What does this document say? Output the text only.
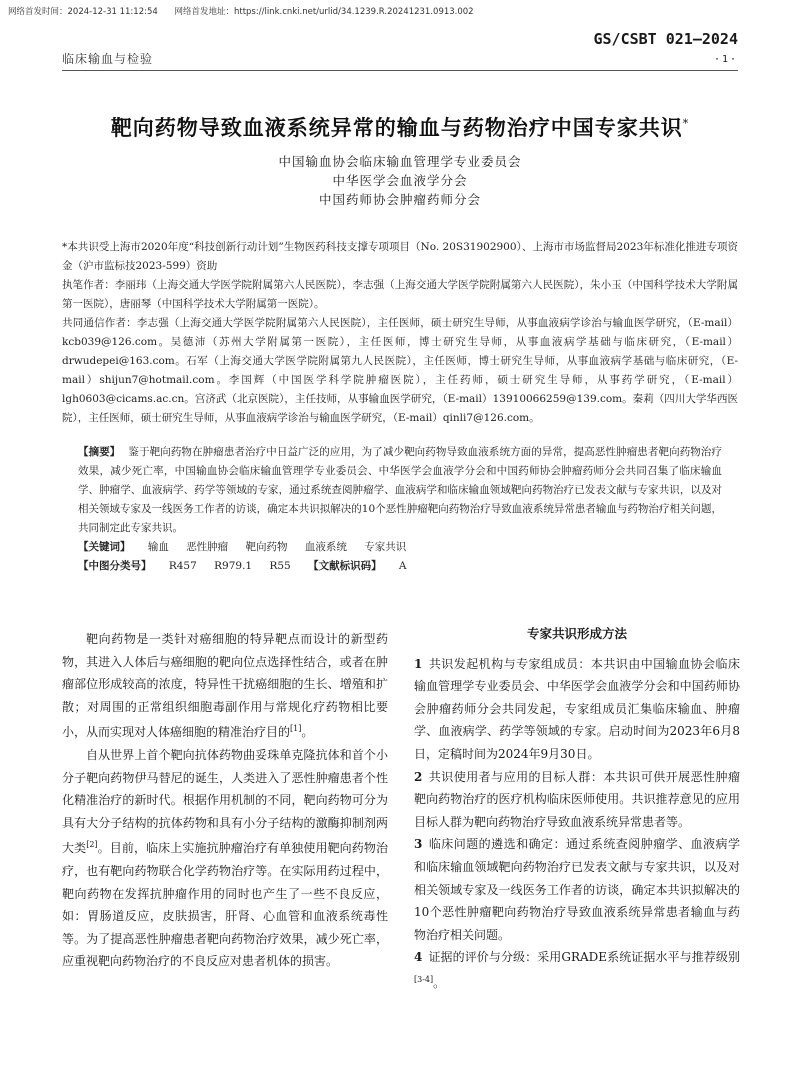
网络首发时间：2024-12-31 11:12:54 网络首发地址：https://link.cnki.net/urlid/34.1239.R.20241231.0913.002
临床输血与检验
GS/CSBT 021—2024
·1·
靶向药物导致血液系统异常的输血与药物治疗中国专家共识*
中国输血协会临床输血管理学专业委员会
中华医学会血液学分会
中国药师协会肿瘤药师分会

*本共识受上海市2020年度“科技创新行动计划”生物医药科技支撑专项项目（No. 20S31902900）、上海市市场监督局2023年标准化推进专项资金（沪市监标技2023-599）资助

执笔作者：李丽玮（上海交通大学医学院附属第六人民医院），李志强（上海交通大学医学院附属第六人民医院），朱小玉（中国科学技术大学附属第一医院），唐丽琴（中国科学技术大学附属第一医院）。

共同通信作者：李志强（上海交通大学医学院附属第六人民医院），主任医师，硕士研究生导师，从事血液病学诊治与输血医学研究，（E-mail）kcb039@126.com。吴德沛（苏州大学附属第一医院），主任医师，博士研究生导师，从事血液病学基础与临床研究，（E-mail）drwudepei@163.com。石军（上海交通大学医学院附属第九人民医院），主任医师，博士研究生导师，从事血液病学基础与临床研究，（E-mail）shijun7@hotmail.com。李国辉（中国医学科学院肿瘤医院），主任药师，硕士研究生导师，从事药学研究，（E-mail）lgh0603@cicams.ac.cn。宫济武（北京医院），主任技师，从事输血医学研究，（E-mail）13910066259@139.com。秦莉（四川大学华西医院），主任医师，硕士研究生导师，从事血液病学诊治与输血医学研究，（E-mail）qinli7@126.com。

【摘要】 鉴于靶向药物在肿瘤患者治疗中日益广泛的应用，为了减少靶向药物导致血液系统方面的异常，提高恶性肿瘤患者靶向药物治疗效果，减少死亡率，中国输血协会临床输血管理学专业委员会、中华医学会血液学分会和中国药师协会肿瘤药师分会共同召集了临床输血学、肿瘤学、血液病学、药学等领域的专家，通过系统查阅肿瘤学、血液病学和临床输血领域靶向药物治疗已发表文献与专家共识，以及对相关领域专家及一线医务工作者的访谈，确定本共识拟解决的10个恶性肿瘤靶向药物治疗导致血液系统异常患者输血与药物治疗相关问题，共同制定此专家共识。

【关键词】 输血 恶性肿瘤 靶向药物 血液系统 专家共识

【中图分类号】 R457 R979.1 R55 【文献标识码】 A

靶向药物是一类针对癌细胞的特异靶点而设计的新型药物，其进入人体后与癌细胞的靶向位点选择性结合，或者在肿瘤部位形成较高的浓度，特异性干扰癌细胞的生长、增殖和扩散；对周围的正常组织细胞毒副作用与常规化疗药物相比要小，从而实现对人体癌细胞的精准治疗目的[1]。

自从世界上首个靶向抗体药物曲妥珠单克隆抗体和首个小分子靶向药物伊马替尼的诞生，人类进入了恶性肿瘤患者个性化精准治疗的新时代。根据作用机制的不同，靶向药物可分为具有大分子结构的抗体药物和具有小分子结构的激酶抑制剂两大类[2]。目前，临床上实施抗肿瘤治疗有单独使用靶向药物治疗，也有靶向药物联合化学药物治疗等。在实际用药过程中，靶向药物在发挥抗肿瘤作用的同时也产生了一些不良反应，如：胃肠道反应，皮肤损害，肝肾、心血管和血液系统毒性等。为了提高恶性肿瘤患者靶向药物治疗效果，减少死亡率，应重视靶向药物治疗的不良反应对患者机体的损害。

专家共识形成方法

1 共识发起机构与专家组成员：本共识由中国输血协会临床输血管理学专业委员会、中华医学会血液学分会和中国药师协会肿瘤药师分会共同发起，专家组成员汇集临床输血、肿瘤学、血液病学、药学等领域的专家。启动时间为2023年6月8日，定稿时间为2024年9月30日。

2 共识使用者与应用的目标人群：本共识可供开展恶性肿瘤靶向药物治疗的医疗机构临床医师使用。共识推荐意见的应用目标人群为靶向药物治疗导致血液系统异常患者等。

3 临床问题的遴选和确定：通过系统查阅肿瘤学、血液病学和临床输血领域靶向药物治疗已发表文献与专家共识，以及对相关领域专家及一线医务工作者的访谈，确定本共识拟解决的10个恶性肿瘤靶向药物治疗导致血液系统异常患者输血与药物治疗相关问题。

4 证据的评价与分级：采用GRADE系统证据水平与推荐级别[3-4]。
